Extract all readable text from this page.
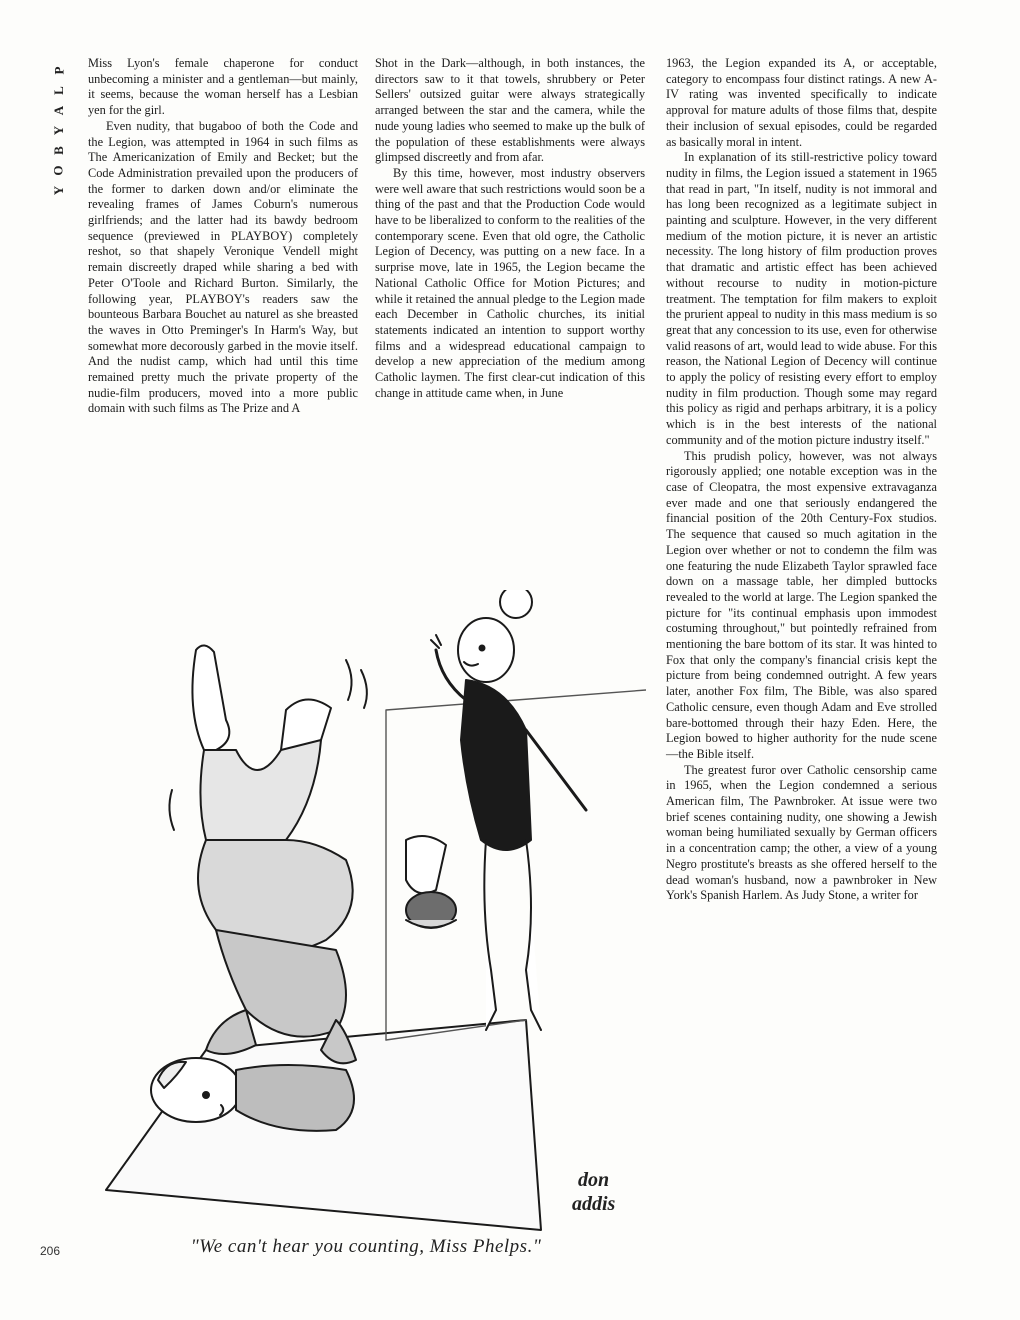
P
L
A
Y
B
O
Y

Miss Lyon's female chaperone for conduct unbecoming a minister and a gentleman—but mainly, it seems, because the woman herself has a Lesbian yen for the girl.

Even nudity, that bugaboo of both the Code and the Legion, was attempted in 1964 in such films as The Americanization of Emily and Becket; but the Code Administration prevailed upon the producers of the former to darken down and/or eliminate the revealing frames of James Coburn's numerous girlfriends; and the latter had its bawdy bedroom sequence (previewed in PLAYBOY) completely reshot, so that shapely Veronique Vendell might remain discreetly draped while sharing a bed with Peter O'Toole and Richard Burton. Similarly, the following year, PLAYBOY's readers saw the bounteous Barbara Bouchet au naturel as she breasted the waves in Otto Preminger's In Harm's Way, but somewhat more decorously garbed in the movie itself. And the nudist camp, which had until this time remained pretty much the private property of the nudie-film producers, moved into a more public domain with such films as The Prize and A

Shot in the Dark—although, in both instances, the directors saw to it that towels, shrubbery or Peter Sellers' outsized guitar were always strategically arranged between the star and the camera, while the nude young ladies who seemed to make up the bulk of the population of these establishments were always glimpsed discreetly and from afar.

By this time, however, most industry observers were well aware that such restrictions would soon be a thing of the past and that the Production Code would have to be liberalized to conform to the realities of the contemporary scene. Even that old ogre, the Catholic Legion of Decency, was putting on a new face. In a surprise move, late in 1965, the Legion became the National Catholic Office for Motion Pictures; and while it retained the annual pledge to the Legion made each December in Catholic churches, its initial statements indicated an intention to support worthy films and a widespread educational campaign to develop a new appreciation of the medium among Catholic laymen. The first clear-cut indication of this change in attitude came when, in June

1963, the Legion expanded its A, or acceptable, category to encompass four distinct ratings. A new A-IV rating was invented specifically to indicate approval for mature adults of those films that, despite their inclusion of sexual episodes, could be regarded as basically moral in intent.

In explanation of its still-restrictive policy toward nudity in films, the Legion issued a statement in 1965 that read in part, "In itself, nudity is not immoral and has long been recognized as a legitimate subject in painting and sculpture. However, in the very different medium of the motion picture, it is never an artistic necessity. The long history of film production proves that dramatic and artistic effect has been achieved without recourse to nudity in motion-picture treatment. The temptation for film makers to exploit the prurient appeal to nudity in this mass medium is so great that any concession to its use, even for otherwise valid reasons of art, would lead to wide abuse. For this reason, the National Legion of Decency will continue to apply the policy of resisting every effort to employ nudity in film production. Though some may regard this policy as rigid and perhaps arbitrary, it is a policy which is in the best interests of the national community and of the motion picture industry itself."

This prudish policy, however, was not always rigorously applied; one notable exception was in the case of Cleopatra, the most expensive extravaganza ever made and one that seriously endangered the financial position of the 20th Century-Fox studios. The sequence that caused so much agitation in the Legion over whether or not to condemn the film was one featuring the nude Elizabeth Taylor sprawled face down on a massage table, her dimpled buttocks revealed to the world at large. The Legion spanked the picture for "its continual emphasis upon immodest costuming throughout," but pointedly refrained from mentioning the bare bottom of its star. It was hinted to Fox that only the company's financial crisis kept the picture from being condemned outright. A few years later, another Fox film, The Bible, was also spared Catholic censure, even though Adam and Eve strolled bare-bottomed through their hazy Eden. Here, the Legion bowed to higher authority for the nude scene—the Bible itself.

The greatest furor over Catholic censorship came in 1965, when the Legion condemned a serious American film, The Pawnbroker. At issue were two brief scenes containing nudity, one showing a Jewish woman being humiliated sexually by German officers in a concentration camp; the other, a view of a young Negro prostitute's breasts as she offered herself to the dead woman's husband, now a pawnbroker in New York's Spanish Harlem. As Judy Stone, a writer for

don
addis
"We can't hear you counting, Miss Phelps."
206
